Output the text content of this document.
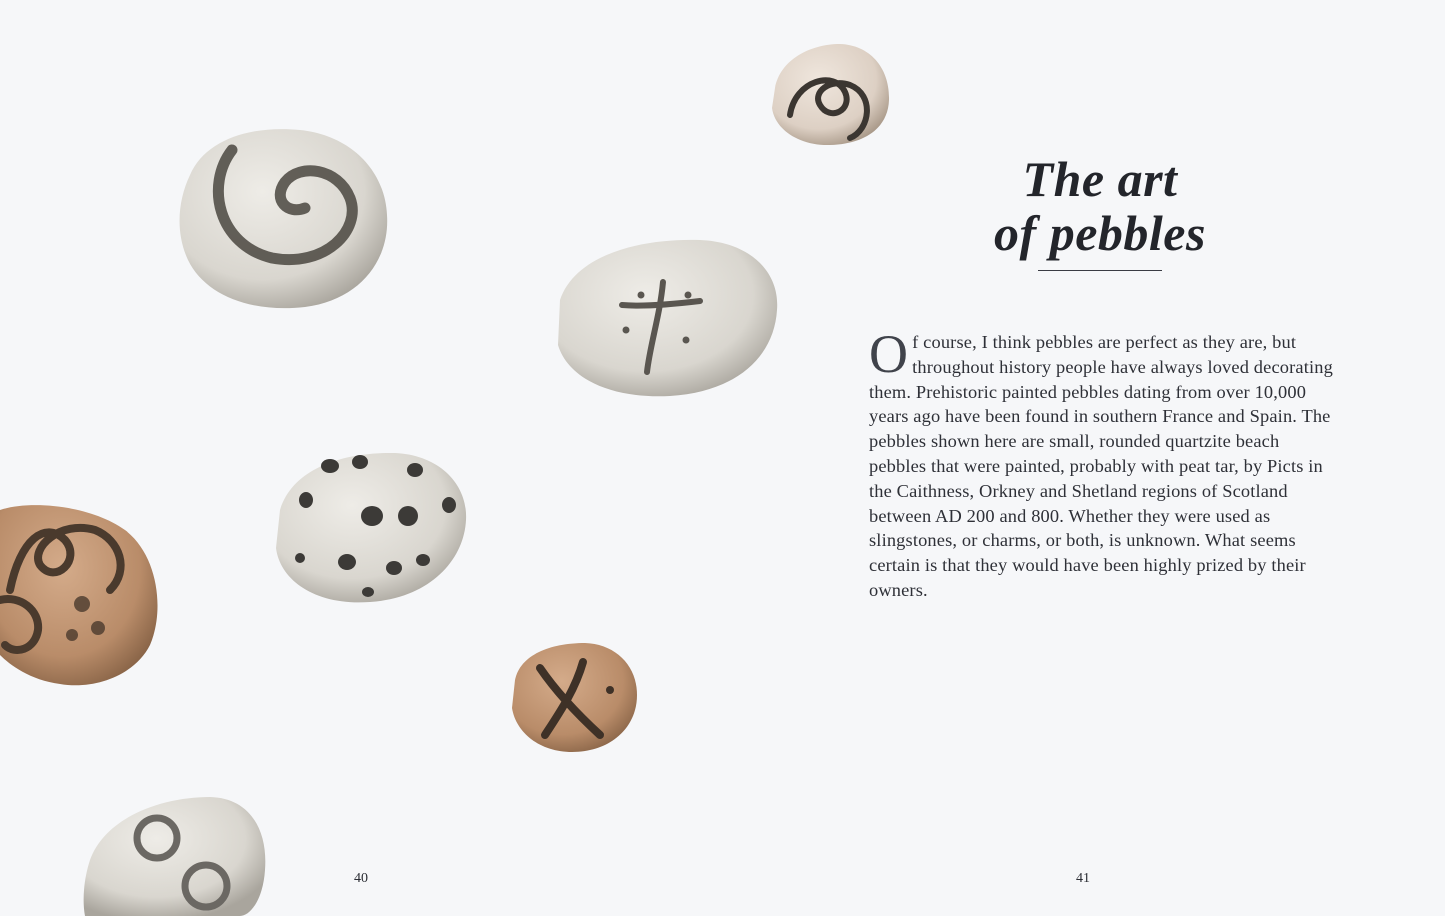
The art
of pebbles
Of course, I think pebbles are perfect as they are, but throughout history people have always loved decorating them. Prehistoric painted pebbles dating from over 10,000 years ago have been found in southern France and Spain. The pebbles shown here are small, rounded quartzite beach pebbles that were painted, probably with peat tar, by Picts in the Caithness, Orkney and Shetland regions of Scotland between AD 200 and 800. Whether they were used as slingstones, or charms, or both, is unknown. What seems certain is that they would have been highly prized by their owners.
40	41
